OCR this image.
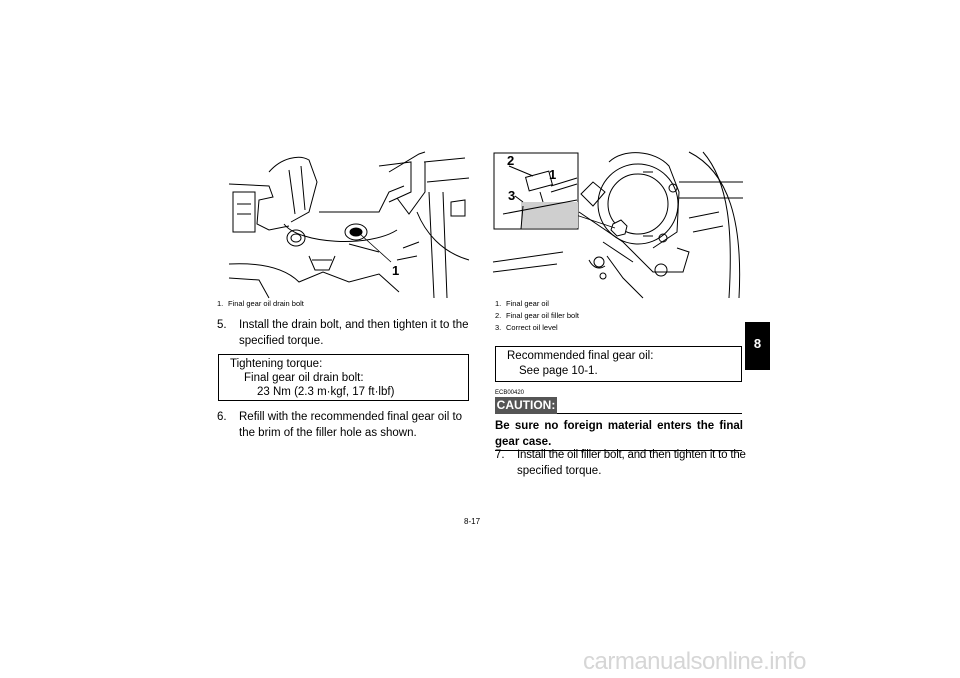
1
1. Final gear oil drain bolt
5. Install the drain bolt, and then tighten it to the
specified torque.
Tightening torque:
Final gear oil drain bolt:
23 Nm (2.3 m·kgf, 17 ft·lbf)
6. Refill with the recommended final gear oil to
the brim of the filler hole as shown.
2
1
3
1. Final gear oil
2. Final gear oil filler bolt
3. Correct oil level
Recommended final gear oil:
See page 10-1.
ECB00420
CAUTION:
Be sure no foreign material enters the final
gear case.
7. Install the oil filler bolt, and then tighten it to the
specified torque.
8
8-17
carmanualsonline.info
